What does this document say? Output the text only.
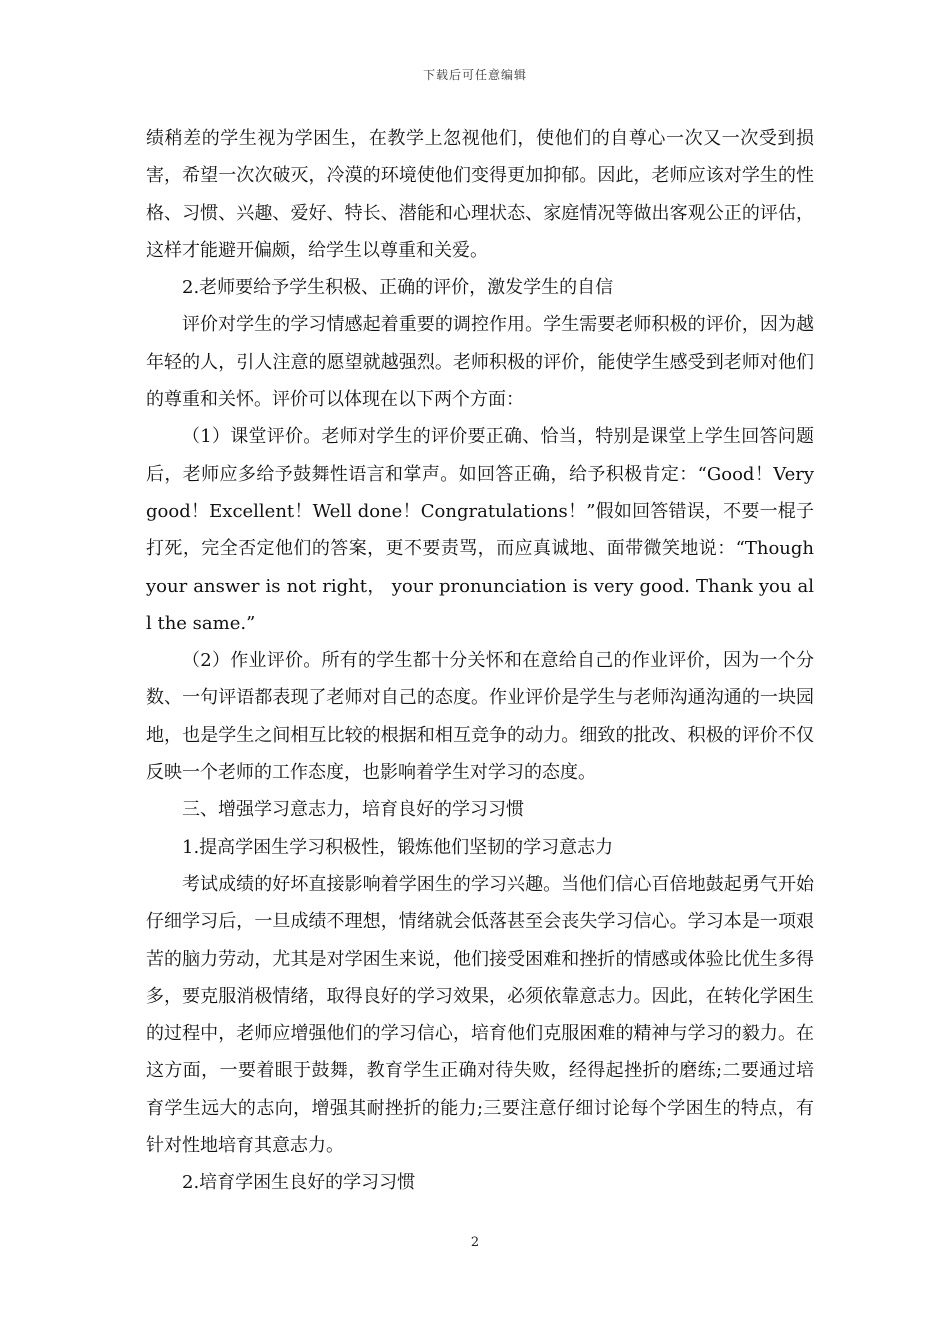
下载后可任意编辑

绩稍差的学生视为学困生，在教学上忽视他们，使他们的自尊心一次又一次受到损害，希望一次次破灭，冷漠的环境使他们变得更加抑郁。因此，老师应该对学生的性格、习惯、兴趣、爱好、特长、潜能和心理状态、家庭情况等做出客观公正的评估，这样才能避开偏颇，给学生以尊重和关爱。

2.老师要给予学生积极、正确的评价，激发学生的自信

评价对学生的学习情感起着重要的调控作用。学生需要老师积极的评价，因为越年轻的人，引人注意的愿望就越强烈。老师积极的评价，能使学生感受到老师对他们的尊重和关怀。评价可以体现在以下两个方面：

（1）课堂评价。老师对学生的评价要正确、恰当，特别是课堂上学生回答问题后，老师应多给予鼓舞性语言和掌声。如回答正确，给予积极肯定：“Good！Very good！Excellent！Well done！Congratulations！”假如回答错误，不要一棍子打死，完全否定他们的答案，更不要责骂，而应真诚地、面带微笑地说：“Though your answer is not right， your pronunciation is very good. Thank you all the same.”

（2）作业评价。所有的学生都十分关怀和在意给自己的作业评价，因为一个分数、一句评语都表现了老师对自己的态度。作业评价是学生与老师沟通沟通的一块园地，也是学生之间相互比较的根据和相互竞争的动力。细致的批改、积极的评价不仅反映一个老师的工作态度，也影响着学生对学习的态度。

三、增强学习意志力，培育良好的学习习惯

1.提高学困生学习积极性，锻炼他们坚韧的学习意志力

考试成绩的好坏直接影响着学困生的学习兴趣。当他们信心百倍地鼓起勇气开始仔细学习后，一旦成绩不理想，情绪就会低落甚至会丧失学习信心。学习本是一项艰苦的脑力劳动，尤其是对学困生来说，他们接受困难和挫折的情感或体验比优生多得多，要克服消极情绪，取得良好的学习效果，必须依靠意志力。因此，在转化学困生的过程中，老师应增强他们的学习信心，培育他们克服困难的精神与学习的毅力。在这方面，一要着眼于鼓舞，教育学生正确对待失败，经得起挫折的磨练;二要通过培育学生远大的志向，增强其耐挫折的能力;三要注意仔细讨论每个学困生的特点，有针对性地培育其意志力。

2.培育学困生良好的学习习惯

2
